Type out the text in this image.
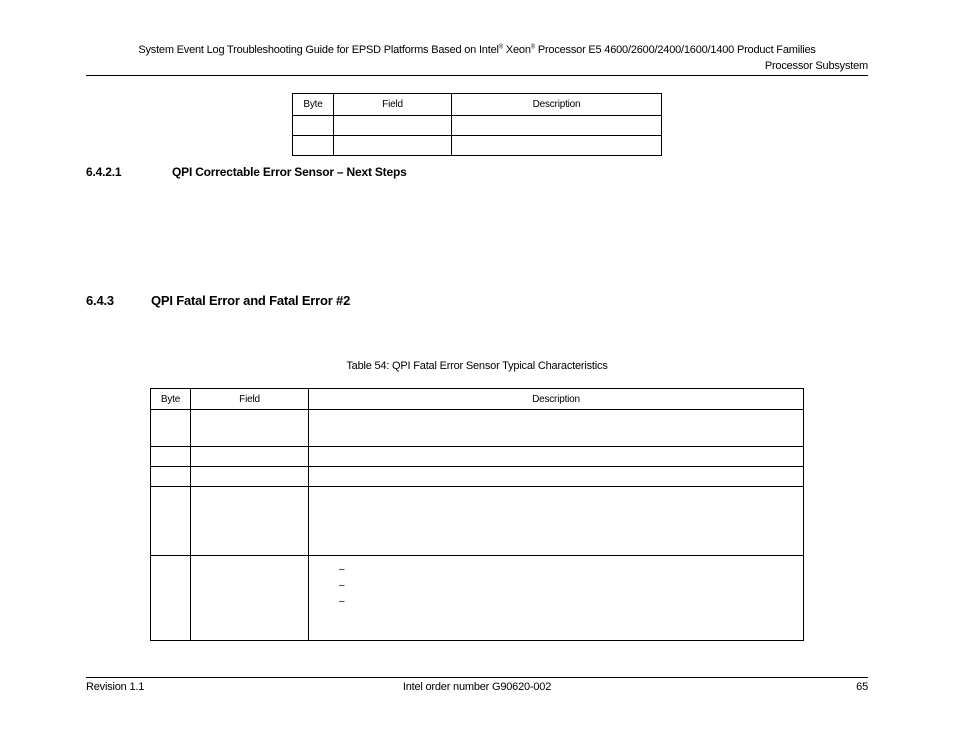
System Event Log Troubleshooting Guide for EPSD Platforms Based on Intel® Xeon® Processor E5 4600/2600/2400/1600/1400 Product Families
Processor Subsystem
Byte	Field	Description

6.4.2.1	QPI Correctable Error Sensor – Next Steps
6.4.3	QPI Fatal Error and Fatal Error #2
Table 54: QPI Fatal Error Sensor Typical Characteristics
Byte	Field	Description

		–
–
–
Revision 1.1	Intel order number G90620-002	65
